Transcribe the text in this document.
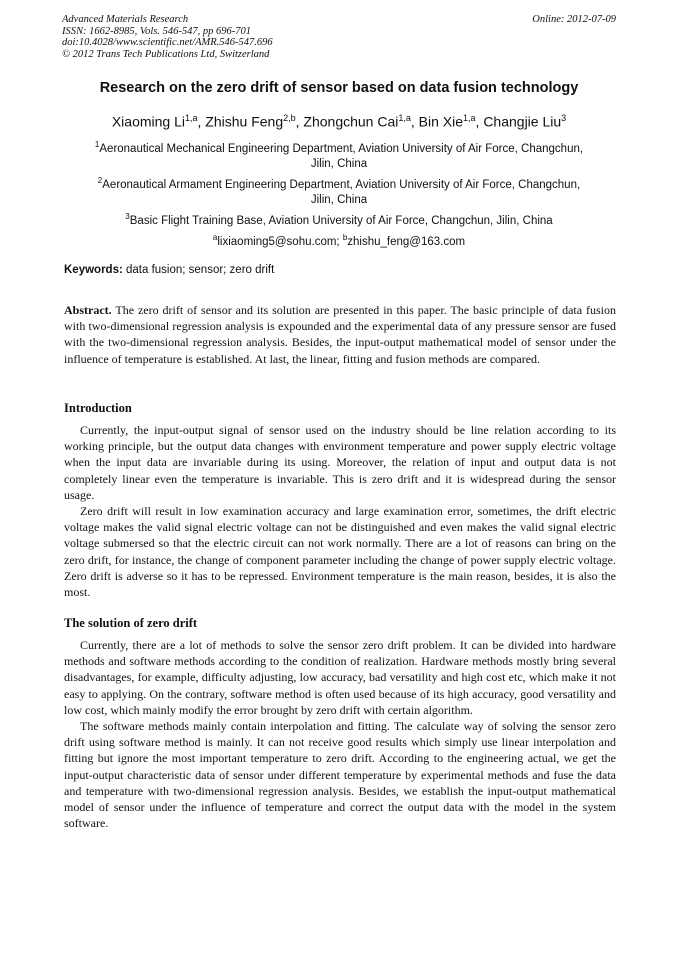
Advanced Materials Research
ISSN: 1662-8985, Vols. 546-547, pp 696-701
doi:10.4028/www.scientific.net/AMR.546-547.696
© 2012 Trans Tech Publications Ltd, Switzerland
Online: 2012-07-09
Research on the zero drift of sensor based on data fusion technology
Xiaoming Li$^{1,a}$, Zhishu Feng$^{2,b}$, Zhongchun Cai$^{1,a}$, Bin Xie$^{1,a}$, Changjie Liu$^3$
$^1$Aeronautical Mechanical Engineering Department, Aviation University of Air Force, Changchun,
Jilin, China
$^2$Aeronautical Armament Engineering Department, Aviation University of Air Force, Changchun,
Jilin, China
$^3$Basic Flight Training Base, Aviation University of Air Force, Changchun, Jilin, China
$^a$lixiaoming5@sohu.com; $^b$zhishu_feng@163.com
Keywords: data fusion; sensor; zero drift

Abstract. The zero drift of sensor and its solution are presented in this paper. The basic principle of data fusion with two-dimensional regression analysis is expounded and the experimental data of any pressure sensor are fused with the two-dimensional regression analysis. Besides, the input-output mathematical model of sensor under the influence of temperature is established. At last, the linear, fitting and fusion methods are compared.

Introduction

Currently, the input-output signal of sensor used on the industry should be line relation according to its working principle, but the output data changes with environment temperature and power supply electric voltage when the input data are invariable during its using. Moreover, the relation of input and output data is not completely linear even the temperature is invariable. This is zero drift and it is widespread during the sensor usage.

Zero drift will result in low examination accuracy and large examination error, sometimes, the drift electric voltage makes the valid signal electric voltage can not be distinguished and even makes the valid signal electric voltage submersed so that the electric circuit can not work normally. There are a lot of reasons can bring on the zero drift, for instance, the change of component parameter including the change of power supply electric voltage. Zero drift is adverse so it has to be repressed. Environment temperature is the main reason, besides, it is also the most.

The solution of zero drift

Currently, there are a lot of methods to solve the sensor zero drift problem. It can be divided into hardware methods and software methods according to the condition of realization. Hardware methods mostly bring several disadvantages, for example, difficulty adjusting, low accuracy, bad versatility and high cost etc, which make it not easy to applying. On the contrary, software method is often used because of its high accuracy, good versatility and low cost, which mainly modify the error brought by zero drift with certain algorithm.

The software methods mainly contain interpolation and fitting. The calculate way of solving the sensor zero drift using software method is mainly. It can not receive good results which simply use linear interpolation and fitting but ignore the most important temperature to zero drift. According to the engineering actual, we get the input-output characteristic data of sensor under different temperature by experimental methods and fuse the data and temperature with two-dimensional regression analysis. Besides, we establish the input-output mathematical model of sensor under the influence of temperature and correct the output data with the model in the system software.
